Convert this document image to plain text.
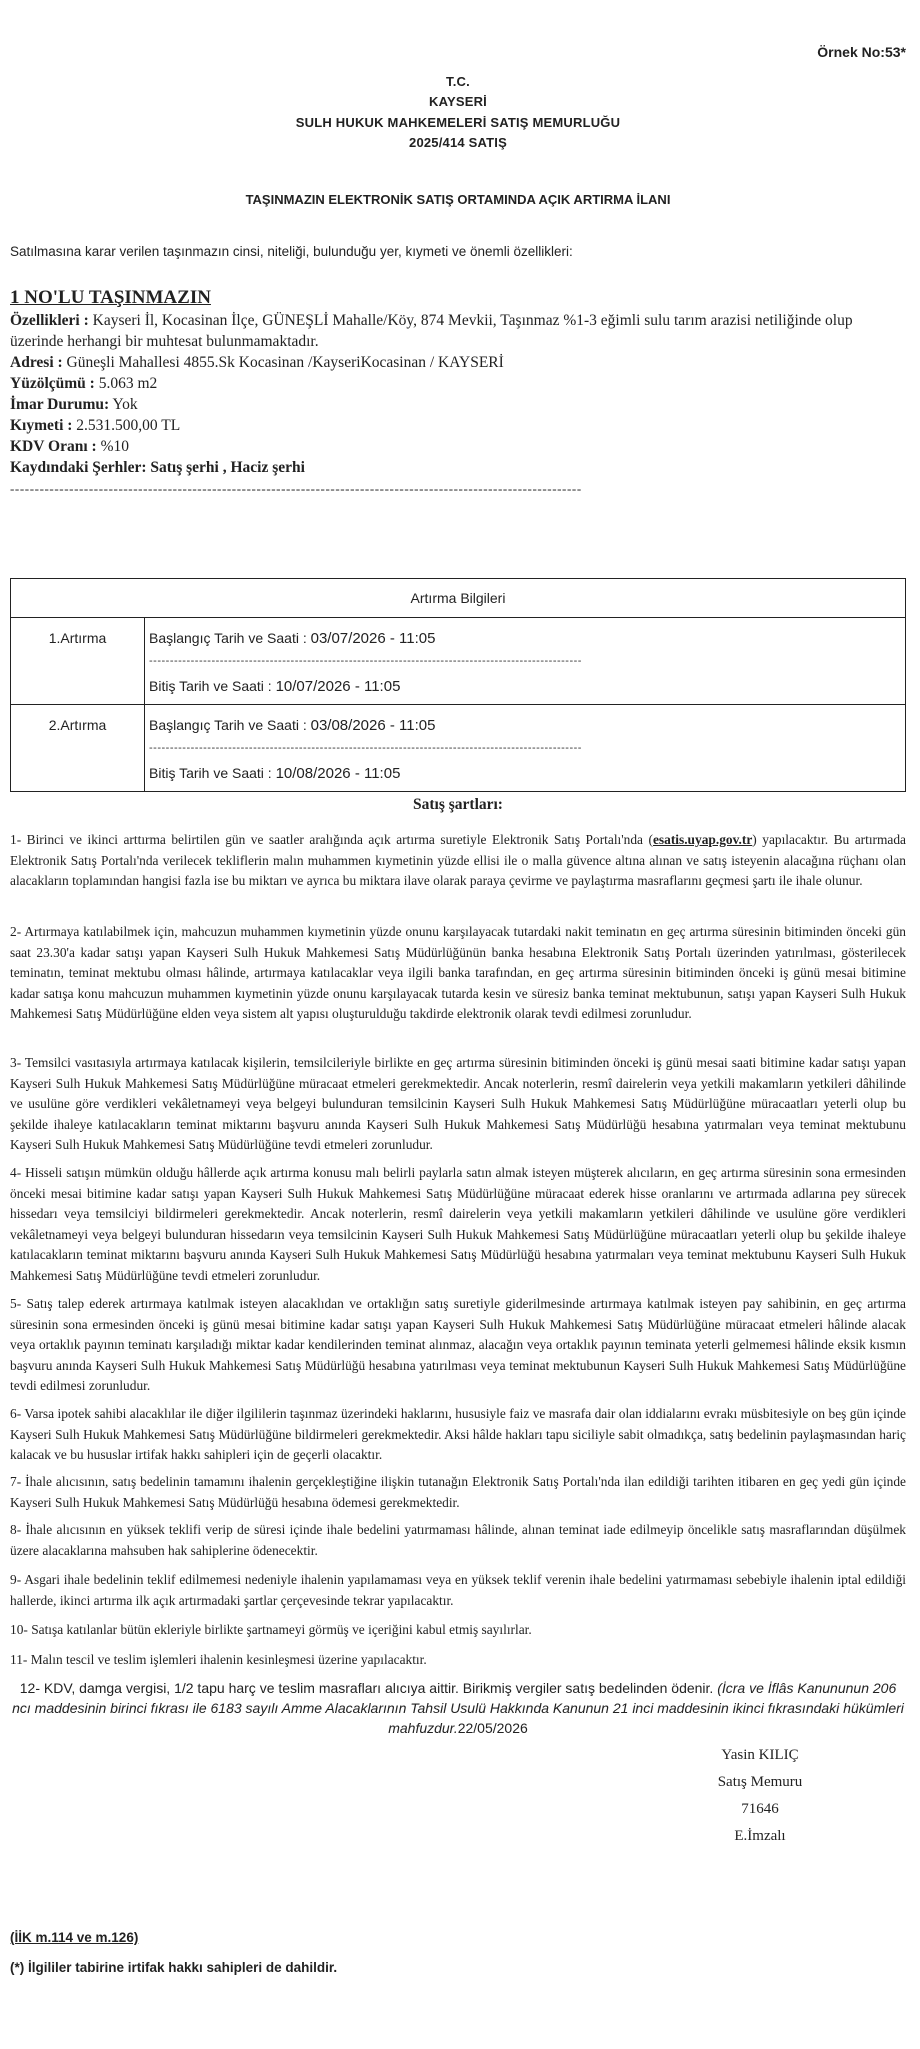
Örnek No:53*
T.C.
KAYSERİ
SULH HUKUK MAHKEMELERİ SATIŞ MEMURLUĞU
2025/414 SATIŞ
TAŞINMAZIN ELEKTRONİK SATIŞ ORTAMINDA AÇIK ARTIRMA İLANI
Satılmasına karar verilen taşınmazın cinsi, niteliği, bulunduğu yer, kıymeti ve önemli özellikleri:
1 NO'LU TAŞINMAZIN
Özellikleri : Kayseri İl, Kocasinan İlçe, GÜNEŞLİ Mahalle/Köy, 874 Mevkii, Taşınmaz %1-3 eğimli sulu tarım arazisi netiliğinde olup üzerinde herhangi bir muhtesat bulunmamaktadır.
Adresi : Güneşli Mahallesi 4855.Sk Kocasinan /KayseriKocasinan / KAYSERİ
Yüzölçümü : 5.063 m2
İmar Durumu: Yok
Kıymeti : 2.531.500,00 TL
KDV Oranı : %10
Kaydındaki Şerhler: Satış şerhi , Haciz şerhi
--------------------------------------------------------------------------------------------------------------------
Artırma Bilgileri	
1.Artırma	Başlangıç Tarih ve Saati : 03/07/2026 - 11:05
--------------------------------------------------------------------------------------------------------
Bitiş Tarih ve Saati : 10/07/2026 - 11:05

2.Artırma	Başlangıç Tarih ve Saati : 03/08/2026 - 11:05
--------------------------------------------------------------------------------------------------------
Bitiş Tarih ve Saati : 10/08/2026 - 11:05
Satış şartları:
1- Birinci ve ikinci arttırma belirtilen gün ve saatler aralığında açık artırma suretiyle Elektronik Satış Portalı'nda (esatis.uyap.gov.tr) yapılacaktır. Bu artırmada Elektronik Satış Portalı'nda verilecek tekliflerin malın muhammen kıymetinin yüzde ellisi ile o malla güvence altına alınan ve satış isteyenin alacağına rüçhanı olan alacakların toplamından hangisi fazla ise bu miktarı ve ayrıca bu miktara ilave olarak paraya çevirme ve paylaştırma masraflarını geçmesi şartı ile ihale olunur.
2- Artırmaya katılabilmek için, mahcuzun muhammen kıymetinin yüzde onunu karşılayacak tutardaki nakit teminatın en geç artırma süresinin bitiminden önceki gün saat 23.30'a kadar satışı yapan Kayseri Sulh Hukuk Mahkemesi Satış Müdürlüğünün banka hesabına Elektronik Satış Portalı üzerinden yatırılması, gösterilecek teminatın, teminat mektubu olması hâlinde, artırmaya katılacaklar veya ilgili banka tarafından, en geç artırma süresinin bitiminden önceki iş günü mesai bitimine kadar satışa konu mahcuzun muhammen kıymetinin yüzde onunu karşılayacak tutarda kesin ve süresiz banka teminat mektubunun, satışı yapan Kayseri Sulh Hukuk Mahkemesi Satış Müdürlüğüne elden veya sistem alt yapısı oluşturulduğu takdirde elektronik olarak tevdi edilmesi zorunludur.
3- Temsilci vasıtasıyla artırmaya katılacak kişilerin, temsilcileriyle birlikte en geç artırma süresinin bitiminden önceki iş günü mesai saati bitimine kadar satışı yapan Kayseri Sulh Hukuk Mahkemesi Satış Müdürlüğüne müracaat etmeleri gerekmektedir. Ancak noterlerin, resmî dairelerin veya yetkili makamların yetkileri dâhilinde ve usulüne göre verdikleri vekâletnameyi veya belgeyi bulunduran temsilcinin Kayseri Sulh Hukuk Mahkemesi Satış Müdürlüğüne müracaatları yeterli olup bu şekilde ihaleye katılacakların teminat miktarını başvuru anında Kayseri Sulh Hukuk Mahkemesi Satış Müdürlüğü hesabına yatırmaları veya teminat mektubunu Kayseri Sulh Hukuk Mahkemesi Satış Müdürlüğüne tevdi etmeleri zorunludur.
4- Hisseli satışın mümkün olduğu hâllerde açık artırma konusu malı belirli paylarla satın almak isteyen müşterek alıcıların, en geç artırma süresinin sona ermesinden önceki mesai bitimine kadar satışı yapan Kayseri Sulh Hukuk Mahkemesi Satış Müdürlüğüne müracaat ederek hisse oranlarını ve artırmada adlarına pey sürecek hissedarı veya temsilciyi bildirmeleri gerekmektedir. Ancak noterlerin, resmî dairelerin veya yetkili makamların yetkileri dâhilinde ve usulüne göre verdikleri vekâletnameyi veya belgeyi bulunduran hissedarın veya temsilcinin Kayseri Sulh Hukuk Mahkemesi Satış Müdürlüğüne müracaatları yeterli olup bu şekilde ihaleye katılacakların teminat miktarını başvuru anında Kayseri Sulh Hukuk Mahkemesi Satış Müdürlüğü hesabına yatırmaları veya teminat mektubunu Kayseri Sulh Hukuk Mahkemesi Satış Müdürlüğüne tevdi etmeleri zorunludur.
5- Satış talep ederek artırmaya katılmak isteyen alacaklıdan ve ortaklığın satış suretiyle giderilmesinde artırmaya katılmak isteyen pay sahibinin, en geç artırma süresinin sona ermesinden önceki iş günü mesai bitimine kadar satışı yapan Kayseri Sulh Hukuk Mahkemesi Satış Müdürlüğüne müracaat etmeleri hâlinde alacak veya ortaklık payının teminatı karşıladığı miktar kadar kendilerinden teminat alınmaz, alacağın veya ortaklık payının teminata yeterli gelmemesi hâlinde eksik kısmın başvuru anında Kayseri Sulh Hukuk Mahkemesi Satış Müdürlüğü hesabına yatırılması veya teminat mektubunun Kayseri Sulh Hukuk Mahkemesi Satış Müdürlüğüne tevdi edilmesi zorunludur.
6- Varsa ipotek sahibi alacaklılar ile diğer ilgililerin taşınmaz üzerindeki haklarını, hususiyle faiz ve masrafa dair olan iddialarını evrakı müsbitesiyle on beş gün içinde Kayseri Sulh Hukuk Mahkemesi Satış Müdürlüğüne bildirmeleri gerekmektedir. Aksi hâlde hakları tapu siciliyle sabit olmadıkça, satış bedelinin paylaşmasından hariç kalacak ve bu hususlar irtifak hakkı sahipleri için de geçerli olacaktır.
7- İhale alıcısının, satış bedelinin tamamını ihalenin gerçekleştiğine ilişkin tutanağın Elektronik Satış Portalı'nda ilan edildiği tarihten itibaren en geç yedi gün içinde Kayseri Sulh Hukuk Mahkemesi Satış Müdürlüğü hesabına ödemesi gerekmektedir.
8- İhale alıcısının en yüksek teklifi verip de süresi içinde ihale bedelini yatırmaması hâlinde, alınan teminat iade edilmeyip öncelikle satış masraflarından düşülmek üzere alacaklarına mahsuben hak sahiplerine ödenecektir.
9- Asgari ihale bedelinin teklif edilmemesi nedeniyle ihalenin yapılamaması veya en yüksek teklif verenin ihale bedelini yatırmaması sebebiyle ihalenin iptal edildiği hallerde, ikinci artırma ilk açık artırmadaki şartlar çerçevesinde tekrar yapılacaktır.
10- Satışa katılanlar bütün ekleriyle birlikte şartnameyi görmüş ve içeriğini kabul etmiş sayılırlar.
11- Malın tescil ve teslim işlemleri ihalenin kesinleşmesi üzerine yapılacaktır.
12- KDV, damga vergisi, 1/2 tapu harç ve teslim masrafları alıcıya aittir. Birikmiş vergiler satış bedelinden ödenir. (İcra ve İflâs Kanununun 206 ncı maddesinin birinci fıkrası ile 6183 sayılı Amme Alacaklarının Tahsil Usulü Hakkında Kanunun 21 inci maddesinin ikinci fıkrasındaki hükümleri mahfuzdur.22/05/2026
Yasin KILIÇ
Satış Memuru
71646
E.İmzalı
(İİK m.114 ve m.126)
(*) İlgililer tabirine irtifak hakkı sahipleri de dahildir.
